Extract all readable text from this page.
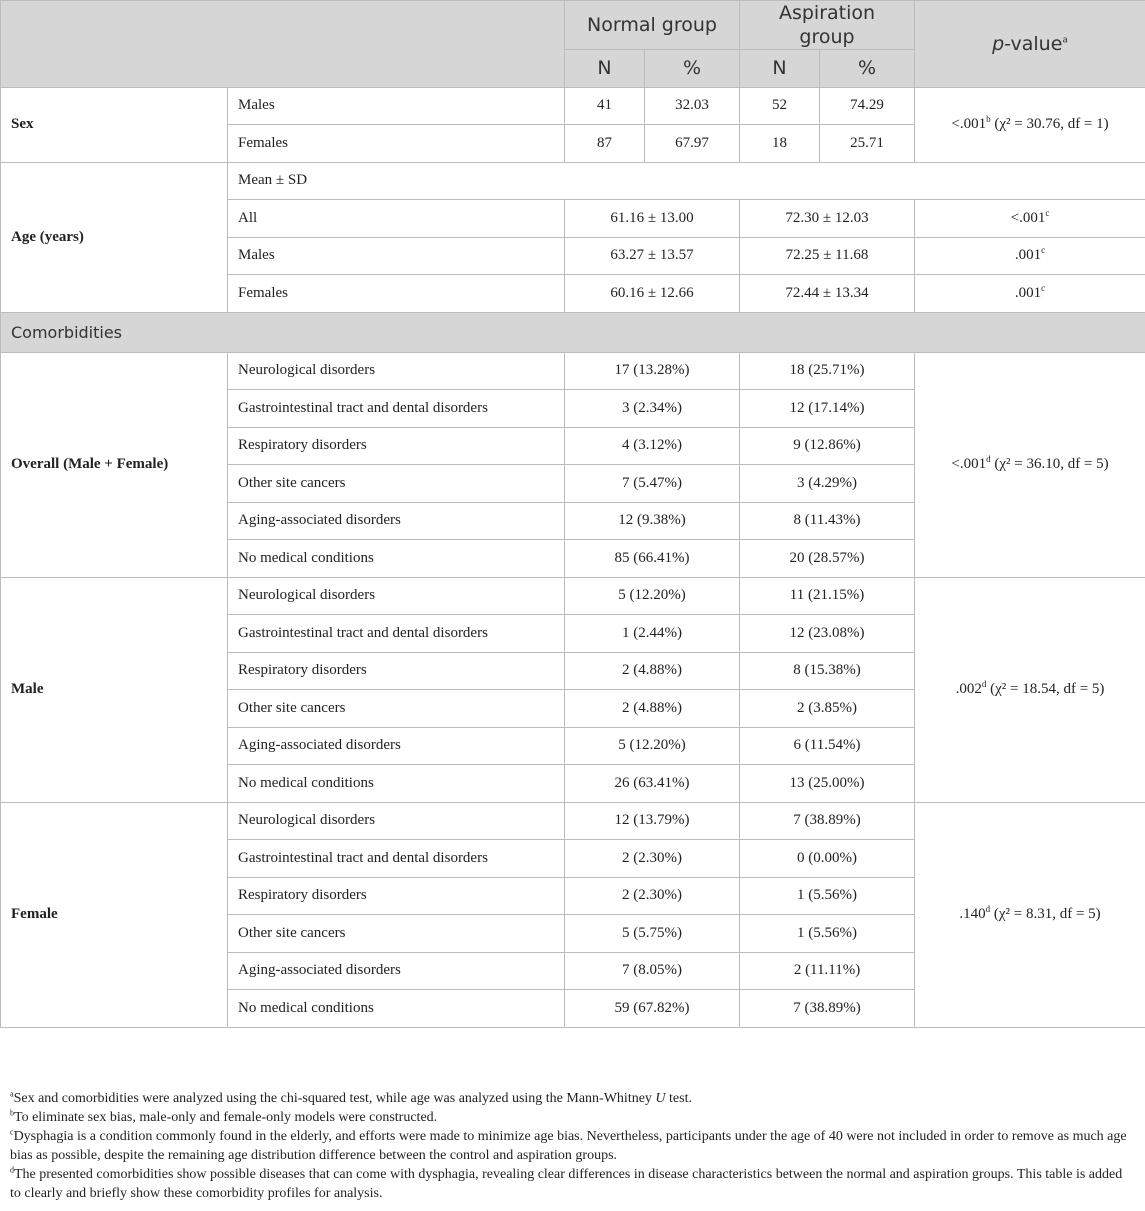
		Normal group		Aspiration group		p-value$^a$
		N	%	N	%	
Sex	Males	41	32.03	52	74.29	<.001$^b$ (χ² = 30.76, df = 1)
	Females	87	67.97	18	25.71	
Age (years)	Mean ± SD					
	All	61.16 ± 13.00		72.30 ± 12.03		<.001$^c$
	Males	63.27 ± 13.57		72.25 ± 11.68		.001$^c$
	Females	60.16 ± 12.66		72.44 ± 13.34		.001$^c$
Comorbidities						
Overall (Male + Female)	Neurological disorders	17 (13.28%)		18 (25.71%)		<.001$^d$ (χ² = 36.10, df = 5)
	Gastrointestinal tract and dental disorders	3 (2.34%)		12 (17.14%)		
	Respiratory disorders	4 (3.12%)		9 (12.86%)		
	Other site cancers	7 (5.47%)		3 (4.29%)		
	Aging-associated disorders	12 (9.38%)		8 (11.43%)		
	No medical conditions	85 (66.41%)		20 (28.57%)		
Male	Neurological disorders	5 (12.20%)		11 (21.15%)		.002$^d$ (χ² = 18.54, df = 5)
	Gastrointestinal tract and dental disorders	1 (2.44%)		12 (23.08%)		
	Respiratory disorders	2 (4.88%)		8 (15.38%)		
	Other site cancers	2 (4.88%)		2 (3.85%)		
	Aging-associated disorders	5 (12.20%)		6 (11.54%)		
	No medical conditions	26 (63.41%)		13 (25.00%)		
Female	Neurological disorders	12 (13.79%)		7 (38.89%)		.140$^d$ (χ² = 8.31, df = 5)
	Gastrointestinal tract and dental disorders	2 (2.30%)		0 (0.00%)		
	Respiratory disorders	2 (2.30%)		1 (5.56%)		
	Other site cancers	5 (5.75%)		1 (5.56%)		
	Aging-associated disorders	7 (8.05%)		2 (11.11%)		
	No medical conditions	59 (67.82%)		7 (38.89%)		

$^a$Sex and comorbidities were analyzed using the chi-squared test, while age was analyzed using the Mann-Whitney U test.

$^b$To eliminate sex bias, male-only and female-only models were constructed.

$^c$Dysphagia is a condition commonly found in the elderly, and efforts were made to minimize age bias. Nevertheless, participants under the age of 40 were not included in order to remove as much age bias as possible, despite the remaining age distribution difference between the control and aspiration groups.

$^d$The presented comorbidities show possible diseases that can come with dysphagia, revealing clear differences in disease characteristics between the normal and aspiration groups. This table is added to clearly and briefly show these comorbidity profiles for analysis.
